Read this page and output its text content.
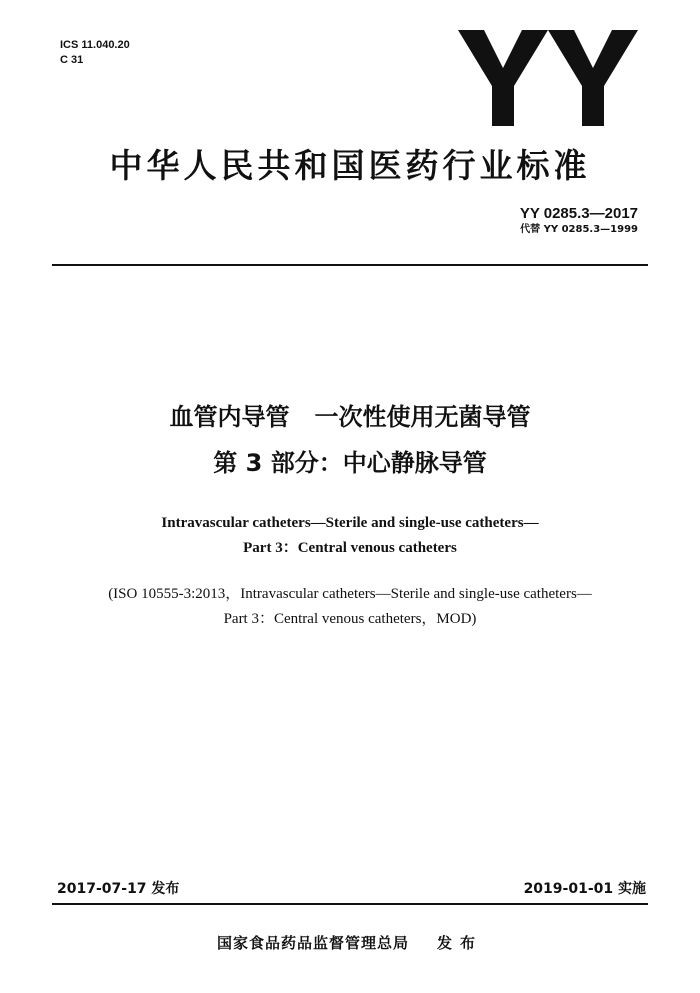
ICS 11.040.20
C 31
中华人民共和国医药行业标准
YY 0285.3—2017
代替 YY 0285.3—1999
血管内导管   一次性使用无菌导管
第 3 部分：中心静脉导管
Intravascular catheters—Sterile and single-use catheters—
Part 3：Central venous catheters
(ISO 10555-3:2013，Intravascular catheters—Sterile and single-use catheters—
Part 3：Central venous catheters，MOD)
2017-07-17 发布	2019-01-01 实施
国家食品药品监督管理总局 发布
